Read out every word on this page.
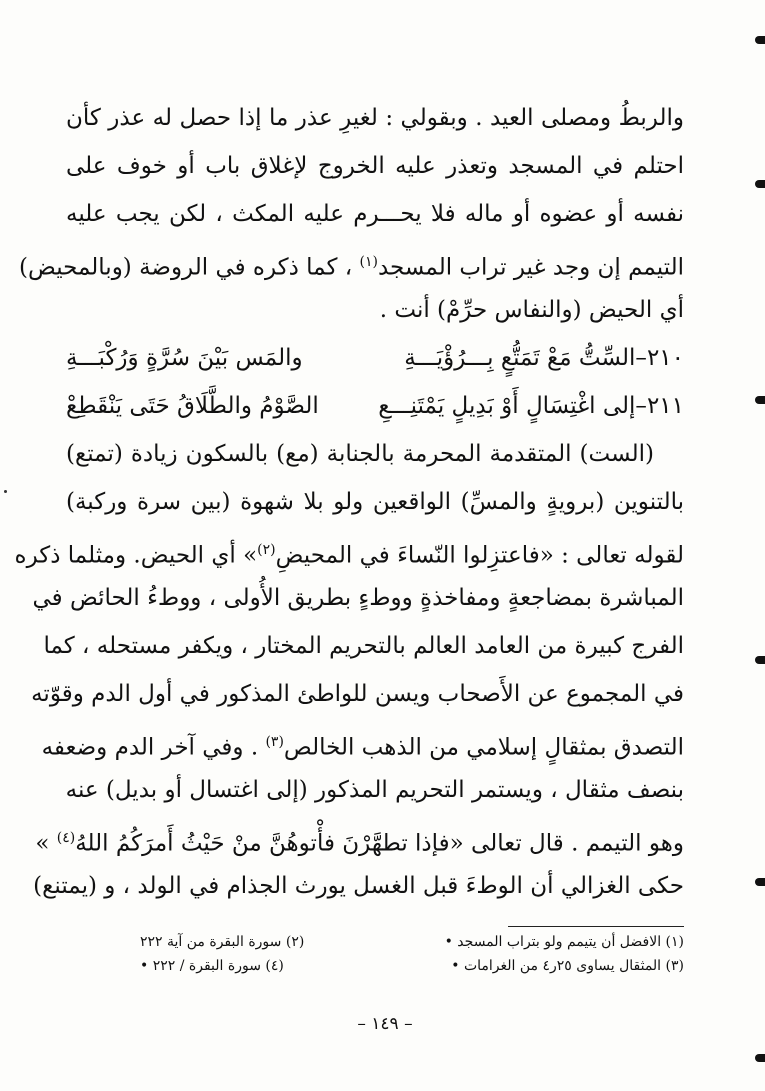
والربطُ ومصلى العيد . وبقولي : لغيرِ عذر ما إذا حصل له عذر كأن
احتلم في المسجد وتعذر عليه الخروج لإغلاق باب أو خوف على
نفسه أو عضوه أو ماله فلا يحـــرم عليه المكث ، لكن يجب عليه
التيمم إن وجد غير تراب المسجد$^{(١)}$ ، كما ذكره في الروضة (وبالمحيض)
أي الحيض (والنفاس حرِّمْ) أنت .
٢١٠–السِّتُّ مَعْ تَمَتُّعٍ بِـــرُؤْيَـــةِ
والمَس بَيْنَ سُرَّةٍ وَرُكْبَـــةِ
٢١١–إلى اغْتِسَالٍ أَوْ بَدِيلٍ يَمْتَنِـــعِ
الصَّوْمُ والطَّلَاقُ حَتَى يَنْقَطِعْ
(الست) المتقدمة المحرمة بالجنابة (مع) بالسكون زيادة (تمتع)
بالتنوين (برويةٍ والمسِّ) الواقعين ولو بلا شهوة (بين سرة وركبة)
لقوله تعالى : «فاعتزِلوا النّساءَ في المحيضِ$^{(٢)}$» أي الحيض. ومثلما ذكره
المباشرة بمضاجعةٍ ومفاخذةٍ ووطءٍ بطريق الأُولى ، ووطءُ الحائض في
الفرج كبيرة من العامد العالم بالتحريم المختار ، ويكفر مستحله ، كما
في المجموع عن الأَصحاب ويسن للواطئ المذكور في أول الدم وقوّته
التصدق بمثقالٍ إسلامي من الذهب الخالص$^{(٣)}$ . وفي آخر الدم وضعفه
بنصف مثقال ، ويستمر التحريم المذكور (إلى اغتسال أو بديل) عنه
وهو التيمم . قال تعالى «فإذا تطهَّرْنَ فأْتوهُنَّ منْ حَيْثُ أَمرَكُمُ اللهُ$^{(٤)}$ »
حكى الغزالي أن الوطءَ قبل الغسل يورث الجذام في الولد ، و (يمتنع)
(١) الافضل أن يتيمم ولو بتراب المسجد •
(٢) سورة البقرة من آية ٢٢٢
(٣) المثقال يساوى ٢٥ر٤ من الغرامات •
(٤) سورة البقرة / ٢٢٢ •
– ١٤٩ –
